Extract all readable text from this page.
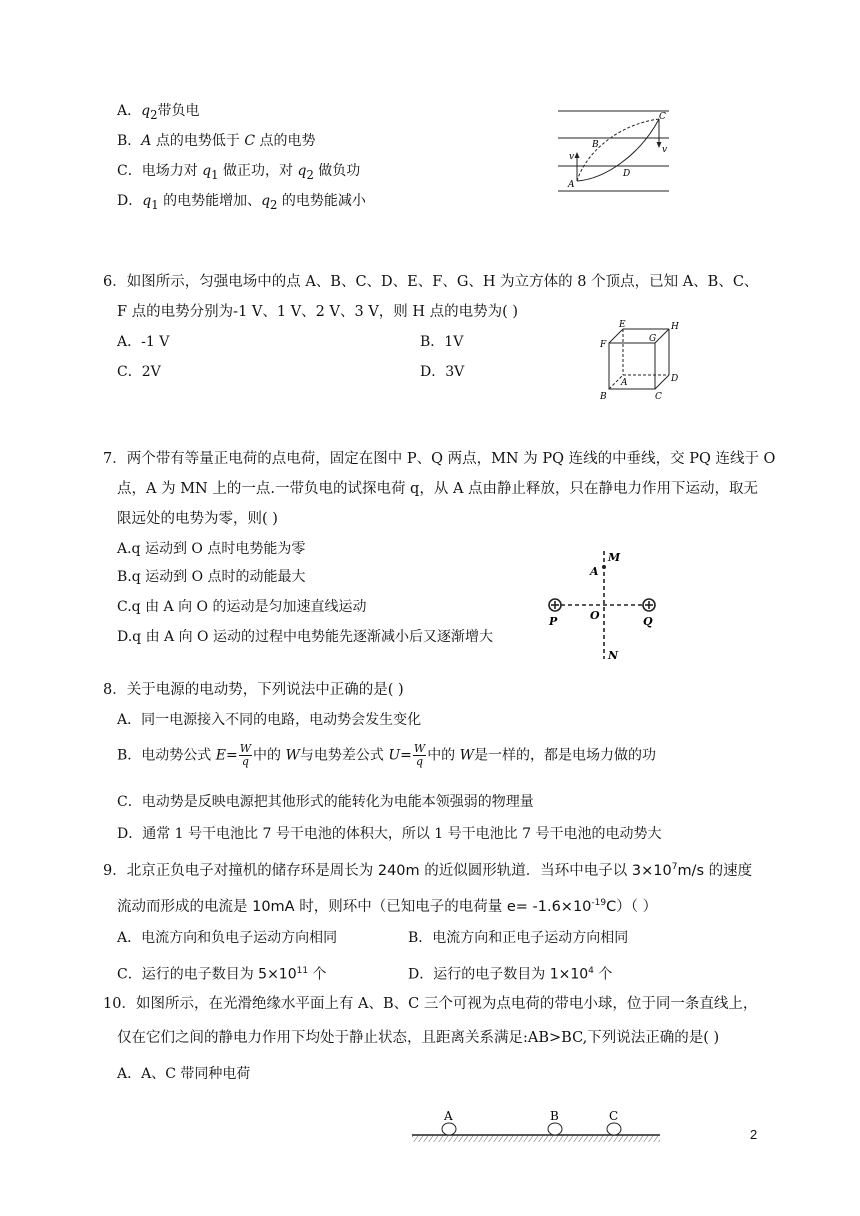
A．$q_2$带负电
B．A 点的电势低于 C 点的电势
C．电场力对 $q_1$ 做正功，对 $q_2$ 做负功
D．$q_1$ 的电势能增加、$q_2$ 的电势能减小
C
B
v
v
A
D
6．如图所示，匀强电场中的点 A、B、C、D、E、F、G、H 为立方体的 8 个顶点，已知 A、B、C、
F 点的电势分别为-1 V、1 V、2 V、3 V，则 H 点的电势为( )
A．-1 V	B．1V
C．2V	D．3V
E	H
F
G
A	D
B	C
7．两个带有等量正电荷的点电荷，固定在图中 P、Q 两点，MN 为 PQ 连线的中垂线，交 PQ 连线于 O
点，A 为 MN 上的一点.一带负电的试探电荷 q，从 A 点由静止释放，只在静电力作用下运动，取无
限远处的电势为零，则( )
A.q 运动到 O 点时电势能为零
B.q 运动到 O 点时的动能最大
C.q 由 A 向 O 的运动是匀加速直线运动
D.q 由 A 向 O 运动的过程中电势能先逐渐减小后又逐渐增大
M
A
P	O	Q
N
8．关于电源的电动势，下列说法中正确的是( )
A．同一电源接入不同的电路，电动势会发生变化
B．电动势公式 $E= \frac{W}{q}$ 中的 W与电势差公式 $U= \frac{W}{q}$ 中的 W是一样的，都是电场力做的功
C．电动势是反映电源把其他形式的能转化为电能本领强弱的物理量
D．通常 1 号干电池比 7 号干电池的体积大，所以 1 号干电池比 7 号干电池的电动势大
9．北京正负电子对撞机的储存环是周长为 240m 的近似圆形轨道．当环中电子以 $3\times 10^7m/s$ 的速度
流动而形成的电流是 10mA 时，则环中（已知电子的电荷量 $e= -1.6\times 10^{-19}C$）（ ）
A．电流方向和负电子运动方向相同	B．电流方向和正电子运动方向相同
C．运行的电子数目为 $5\times 10^{11}$ 个	D．运行的电子数目为 $1\times 10^4$ 个
10．如图所示，在光滑绝缘水平面上有 A、B、C 三个可视为点电荷的带电小球，位于同一条直线上，
仅在它们之间的静电力作用下均处于静止状态，且距离关系满足:AB>BC,下列说法正确的是( )
A．A、C 带同种电荷
A	B	C
2
